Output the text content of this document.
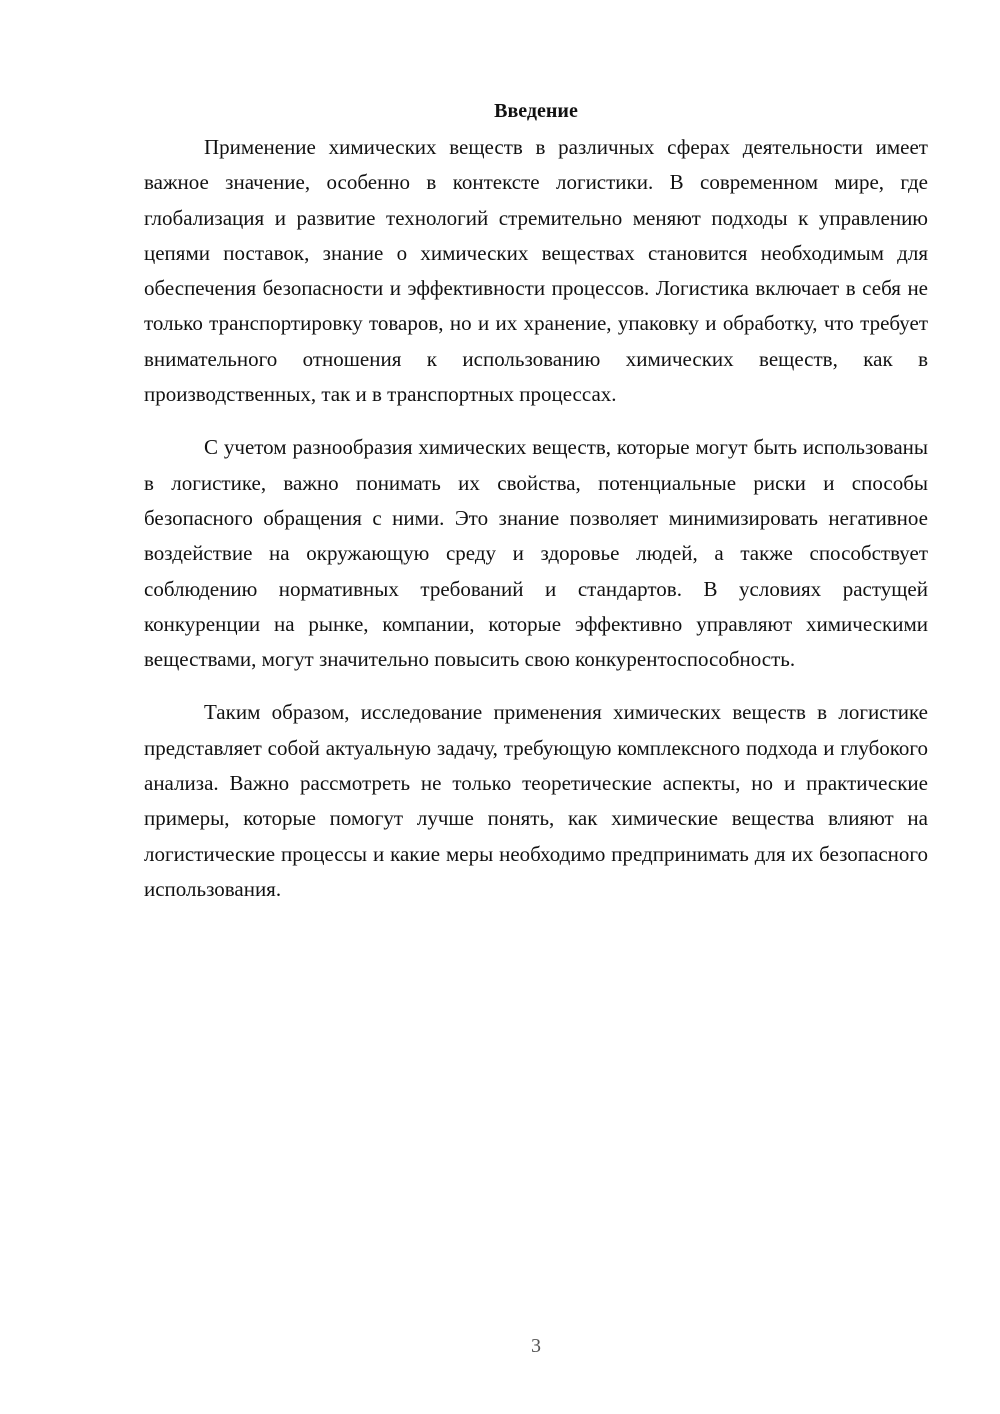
Введение

Применение химических веществ в различных сферах деятельности имеет важное значение, особенно в контексте логистики. В современном мире, где глобализация и развитие технологий стремительно меняют подходы к управлению цепями поставок, знание о химических веществах становится необходимым для обеспечения безопасности и эффективности процессов. Логистика включает в себя не только транспортировку товаров, но и их хранение, упаковку и обработку, что требует внимательного отношения к использованию химических веществ, как в производственных, так и в транспортных процессах.

С учетом разнообразия химических веществ, которые могут быть использованы в логистике, важно понимать их свойства, потенциальные риски и способы безопасного обращения с ними. Это знание позволяет минимизировать негативное воздействие на окружающую среду и здоровье людей, а также способствует соблюдению нормативных требований и стандартов. В условиях растущей конкуренции на рынке, компании, которые эффективно управляют химическими веществами, могут значительно повысить свою конкурентоспособность.

Таким образом, исследование применения химических веществ в логистике представляет собой актуальную задачу, требующую комплексного подхода и глубокого анализа. Важно рассмотреть не только теоретические аспекты, но и практические примеры, которые помогут лучше понять, как химические вещества влияют на логистические процессы и какие меры необходимо предпринимать для их безопасного использования.

3
